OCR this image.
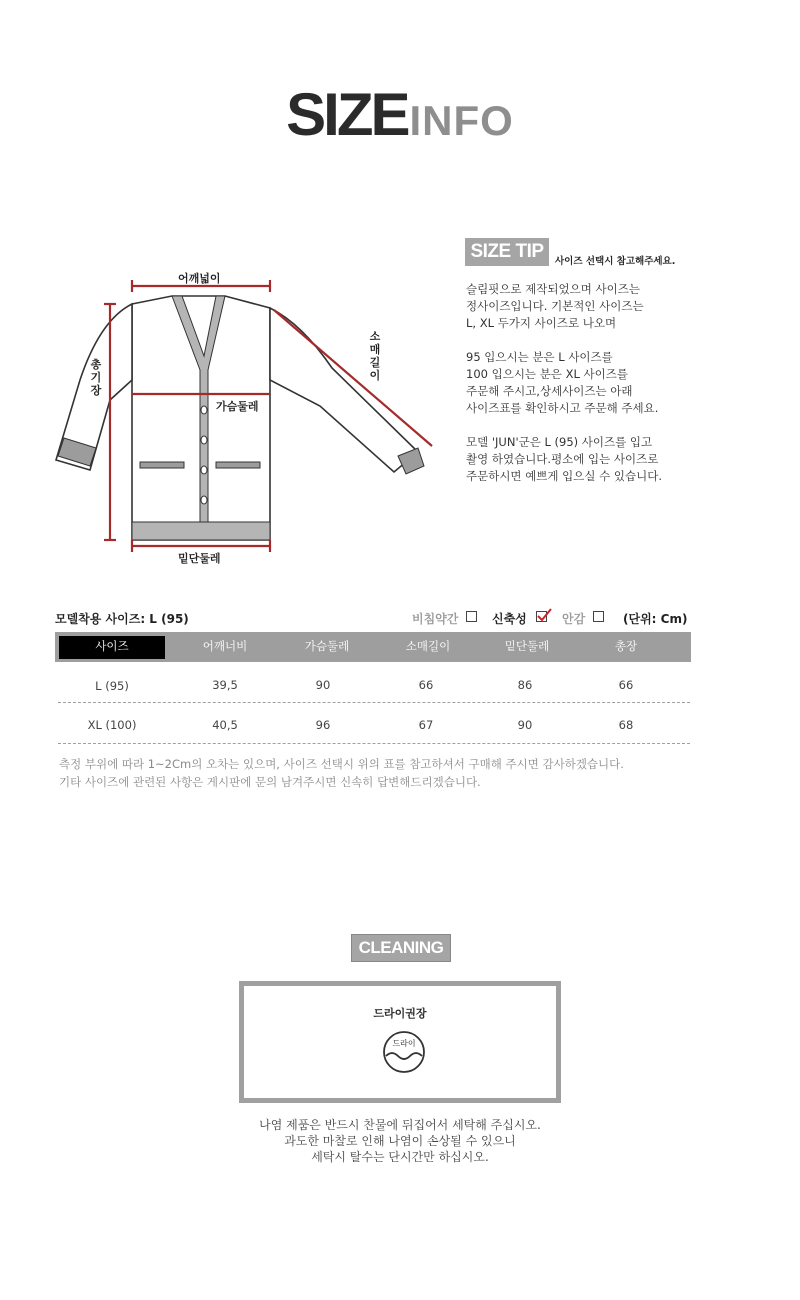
SIZEINFO
어깨넓이
가슴둘레
밑단둘레
총
기
장
소
매
길
이
SIZE TIP	사이즈 선택시 참고해주세요.
슬림핏으로 제작되었으며 사이즈는
정사이즈입니다. 기본적인 사이즈는
L, XL 두가지 사이즈로 나오며
95 입으시는 분은 L 사이즈를
100 입으시는 분은 XL 사이즈를
주문해 주시고,상세사이즈는 아래
사이즈표를 확인하시고 주문해 주세요.
모델 'JUN'군은 L (95) 사이즈를 입고
촬영 하였습니다.평소에 입는 사이즈로
주문하시면 예쁘게 입으실 수 있습니다.
모델착용 사이즈: L (95)	비침약간	신축성	안감	(단위: Cm)
사이즈	어깨너비	가슴둘레	소매길이	밑단둘레	총장
L (95)	39,5	90	66	86	66
XL (100)	40,5	96	67	90	68
측정 부위에 따라 1~2Cm의 오차는 있으며, 사이즈 선택시 위의 표를 참고하셔서 구매해 주시면 감사하겠습니다.
기타 사이즈에 관련된 사항은 게시판에 문의 남겨주시면 신속히 답변해드리겠습니다.
CLEANING
드라이권장
드라이
나염 제품은 반드시 찬물에 뒤집어서 세탁해 주십시오.
과도한 마찰로 인해 나염이 손상될 수 있으니
세탁시 탈수는 단시간만 하십시오.
